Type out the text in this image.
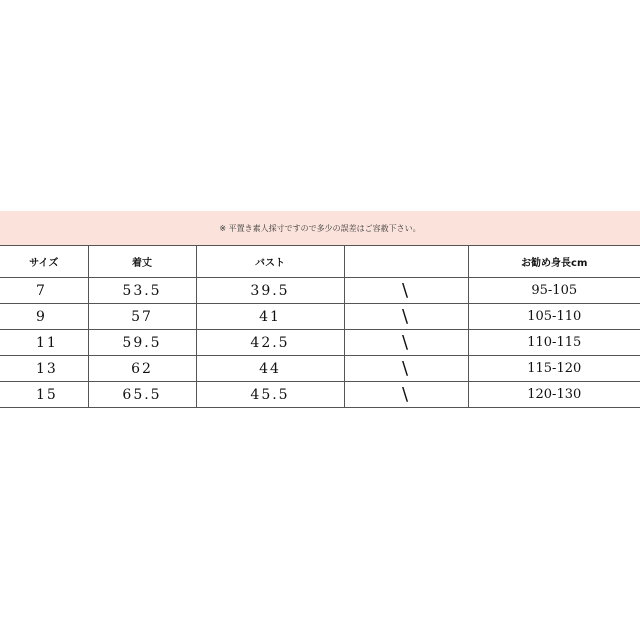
※ 平置き素人採寸ですので多少の誤差はご容赦下さい。
サイズ	着丈	バスト		お勧め身長cm
7	53.5	39.5	\	95-105
9	57	41	\	105-110
11	59.5	42.5	\	110-115
13	62	44	\	115-120
15	65.5	45.5	\	120-130
